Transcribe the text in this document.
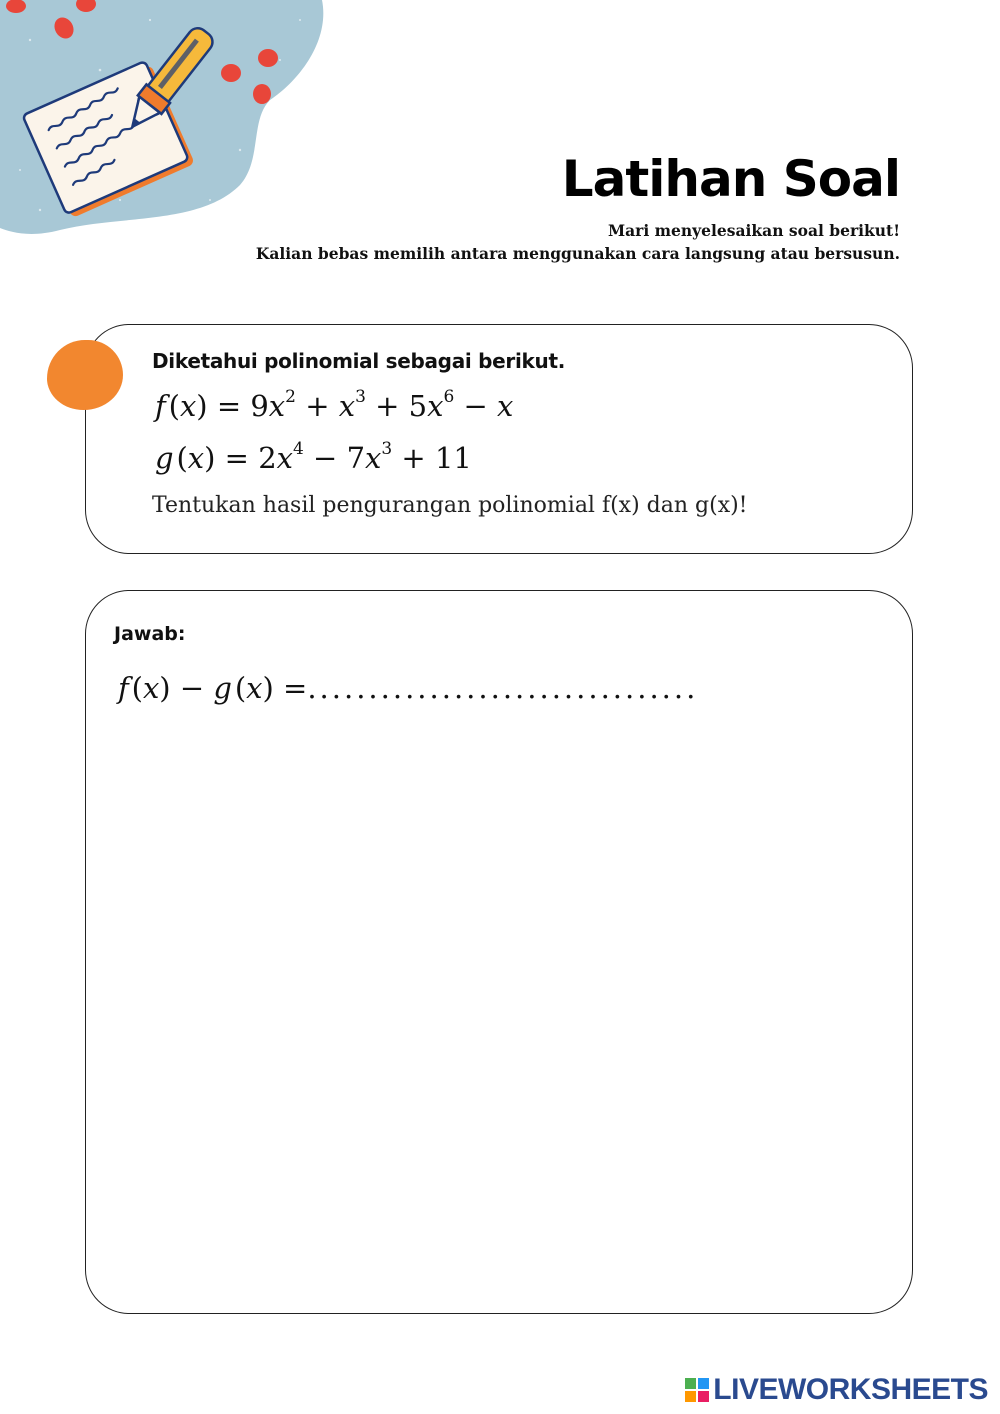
Latihan Soal
Mari menyelesaikan soal berikut!
Kalian bebas memilih antara menggunakan cara langsung atau bersusun.
Diketahui polinomial sebagai berikut.
f $(x) = 9x^2 + x^3 + 5x^6 - x$
g $(x) = 2x^4 - 7x^3 + 11$
Tentukan hasil pengurangan polinomial f(x) dan g(x)!
Jawab:
f (x) − g (x) =................................
LIVEWORKSHEETS
